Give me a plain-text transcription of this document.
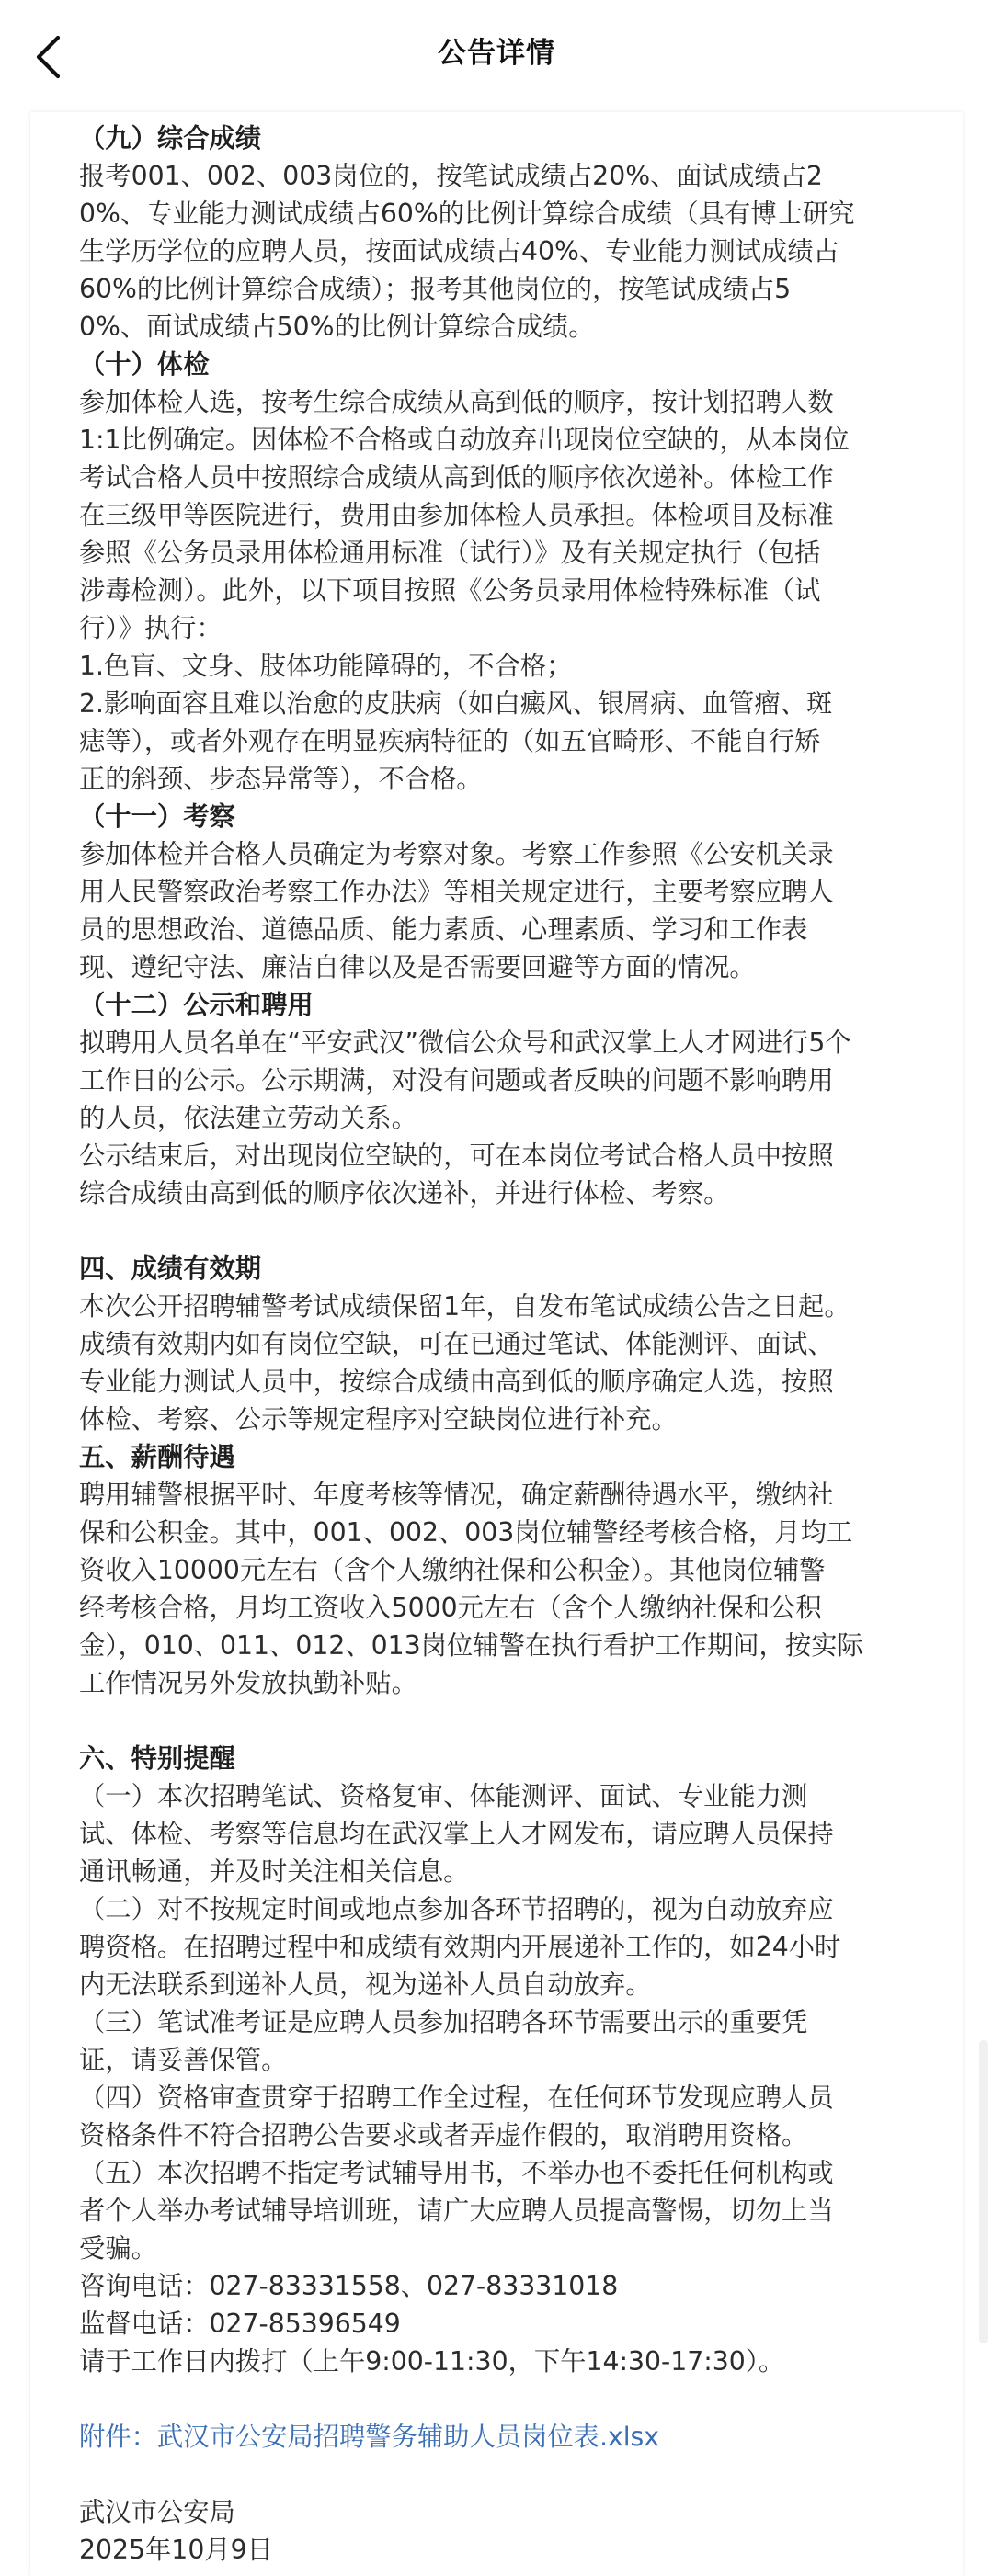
公告详情
（九）综合成绩

报考001、002、003岗位的，按笔试成绩占20%、面试成绩占2

0%、专业能力测试成绩占60%的比例计算综合成绩（具有博士研究

生学历学位的应聘人员，按面试成绩占40%、专业能力测试成绩占

60%的比例计算综合成绩）；报考其他岗位的，按笔试成绩占5

0%、面试成绩占50%的比例计算综合成绩。

（十）体检

参加体检人选，按考生综合成绩从高到低的顺序，按计划招聘人数

1:1比例确定。因体检不合格或自动放弃出现岗位空缺的，从本岗位

考试合格人员中按照综合成绩从高到低的顺序依次递补。体检工作

在三级甲等医院进行，费用由参加体检人员承担。体检项目及标准

参照《公务员录用体检通用标准（试行）》及有关规定执行（包括

涉毒检测）。此外，以下项目按照《公务员录用体检特殊标准（试

行）》执行：

1.色盲、文身、肢体功能障碍的，不合格；

2.影响面容且难以治愈的皮肤病（如白癜风、银屑病、血管瘤、斑

痣等），或者外观存在明显疾病特征的（如五官畸形、不能自行矫

正的斜颈、步态异常等），不合格。

（十一）考察

参加体检并合格人员确定为考察对象。考察工作参照《公安机关录

用人民警察政治考察工作办法》等相关规定进行，主要考察应聘人

员的思想政治、道德品质、能力素质、心理素质、学习和工作表

现、遵纪守法、廉洁自律以及是否需要回避等方面的情况。

（十二）公示和聘用

拟聘用人员名单在“平安武汉”微信公众号和武汉掌上人才网进行5个

工作日的公示。公示期满，对没有问题或者反映的问题不影响聘用

的人员，依法建立劳动关系。

公示结束后，对出现岗位空缺的，可在本岗位考试合格人员中按照

综合成绩由高到低的顺序依次递补，并进行体检、考察。

四、成绩有效期

本次公开招聘辅警考试成绩保留1年，自发布笔试成绩公告之日起。

成绩有效期内如有岗位空缺，可在已通过笔试、体能测评、面试、

专业能力测试人员中，按综合成绩由高到低的顺序确定人选，按照

体检、考察、公示等规定程序对空缺岗位进行补充。

五、薪酬待遇

聘用辅警根据平时、年度考核等情况，确定薪酬待遇水平，缴纳社

保和公积金。其中，001、002、003岗位辅警经考核合格，月均工

资收入10000元左右（含个人缴纳社保和公积金）。其他岗位辅警

经考核合格，月均工资收入5000元左右（含个人缴纳社保和公积

金），010、011、012、013岗位辅警在执行看护工作期间，按实际

工作情况另外发放执勤补贴。

六、特别提醒

（一）本次招聘笔试、资格复审、体能测评、面试、专业能力测

试、体检、考察等信息均在武汉掌上人才网发布，请应聘人员保持

通讯畅通，并及时关注相关信息。

（二）对不按规定时间或地点参加各环节招聘的，视为自动放弃应

聘资格。在招聘过程中和成绩有效期内开展递补工作的，如24小时

内无法联系到递补人员，视为递补人员自动放弃。

（三）笔试准考证是应聘人员参加招聘各环节需要出示的重要凭

证，请妥善保管。

（四）资格审查贯穿于招聘工作全过程，在任何环节发现应聘人员

资格条件不符合招聘公告要求或者弄虚作假的，取消聘用资格。

（五）本次招聘不指定考试辅导用书，不举办也不委托任何机构或

者个人举办考试辅导培训班，请广大应聘人员提高警惕，切勿上当

受骗。

咨询电话：027-83331558、027-83331018

监督电话：027-85396549

请于工作日内拨打（上午9:00-11:30，下午14:30-17:30）。

附件：武汉市公安局招聘警务辅助人员岗位表.xlsx

武汉市公安局

2025年10月9日
